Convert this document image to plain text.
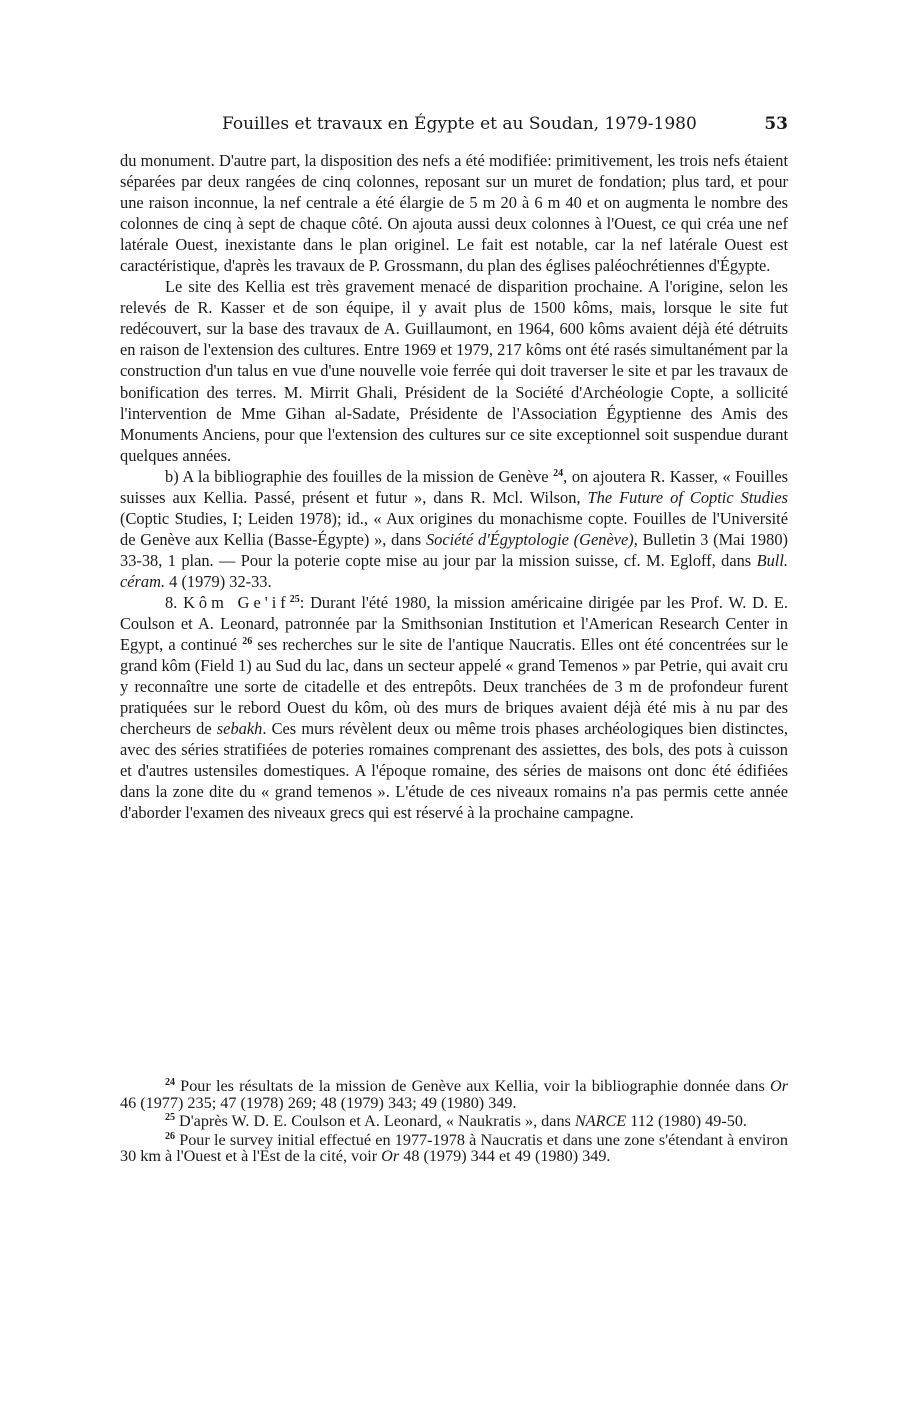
Fouilles et travaux en Égypte et au Soudan, 1979-1980	53

du monument. D'autre part, la disposition des nefs a été modifiée: primitivement, les trois nefs étaient séparées par deux rangées de cinq colonnes, reposant sur un muret de fondation; plus tard, et pour une raison inconnue, la nef centrale a été élargie de 5 m 20 à 6 m 40 et on augmenta le nombre des colonnes de cinq à sept de chaque côté. On ajouta aussi deux colonnes à l'Ouest, ce qui créa une nef latérale Ouest, inexistante dans le plan originel. Le fait est notable, car la nef latérale Ouest est caractéristique, d'après les travaux de P. Grossmann, du plan des églises paléochrétiennes d'Égypte.

Le site des Kellia est très gravement menacé de disparition prochaine. A l'origine, selon les relevés de R. Kasser et de son équipe, il y avait plus de 1500 kôms, mais, lorsque le site fut redécouvert, sur la base des travaux de A. Guillaumont, en 1964, 600 kôms avaient déjà été détruits en raison de l'extension des cultures. Entre 1969 et 1979, 217 kôms ont été rasés simultanément par la construction d'un talus en vue d'une nouvelle voie ferrée qui doit traverser le site et par les travaux de bonification des terres. M. Mirrit Ghali, Président de la Société d'Archéologie Copte, a sollicité l'intervention de Mme Gihan al-Sadate, Présidente de l'Association Égyptienne des Amis des Monuments Anciens, pour que l'extension des cultures sur ce site exceptionnel soit suspendue durant quelques années.

b) A la bibliographie des fouilles de la mission de Genève $^{24}$, on ajoutera R. Kasser, « Fouilles suisses aux Kellia. Passé, présent et futur », dans R. Mcl. Wilson, The Future of Coptic Studies (Coptic Studies, I; Leiden 1978); id., « Aux origines du monachisme copte. Fouilles de l'Université de Genève aux Kellia (Basse-Égypte) », dans Société d'Égyptologie (Genève), Bulletin 3 (Mai 1980) 33-38, 1 plan. — Pour la poterie copte mise au jour par la mission suisse, cf. M. Egloff, dans Bull. céram. 4 (1979) 32-33.

8. Kôm $Ge'if^{25}$: Durant l'été 1980, la mission américaine dirigée par les Prof. W. D. E. Coulson et A. Leonard, patronnée par la Smithsonian Institution et l'American Research Center in Egypt, a continué $^{26}$ ses recherches sur le site de l'antique Naucratis. Elles ont été concentrées sur le grand kôm (Field 1) au Sud du lac, dans un secteur appelé « grand Temenos » par Petrie, qui avait cru y reconnaître une sorte de citadelle et des entrepôts. Deux tranchées de 3 m de profondeur furent pratiquées sur le rebord Ouest du kôm, où des murs de briques avaient déjà été mis à nu par des chercheurs de sebakh. Ces murs révèlent deux ou même trois phases archéologiques bien distinctes, avec des séries stratifiées de poteries romaines comprenant des assiettes, des bols, des pots à cuisson et d'autres ustensiles domestiques. A l'époque romaine, des séries de maisons ont donc été édifiées dans la zone dite du « grand temenos ». L'étude de ces niveaux romains n'a pas permis cette année d'aborder l'examen des niveaux grecs qui est réservé à la prochaine campagne.

$^{24}$ Pour les résultats de la mission de Genève aux Kellia, voir la bibliographie donnée dans Or 46 (1977) 235; 47 (1978) 269; 48 (1979) 343; 49 (1980) 349.

$^{25}$ D'après W. D. E. Coulson et A. Leonard, « Naukratis », dans NARCE 112 (1980) 49-50.

$^{26}$ Pour le survey initial effectué en 1977-1978 à Naucratis et dans une zone s'étendant à environ 30 km à l'Ouest et à l'Est de la cité, voir Or 48 (1979) 344 et 49 (1980) 349.
